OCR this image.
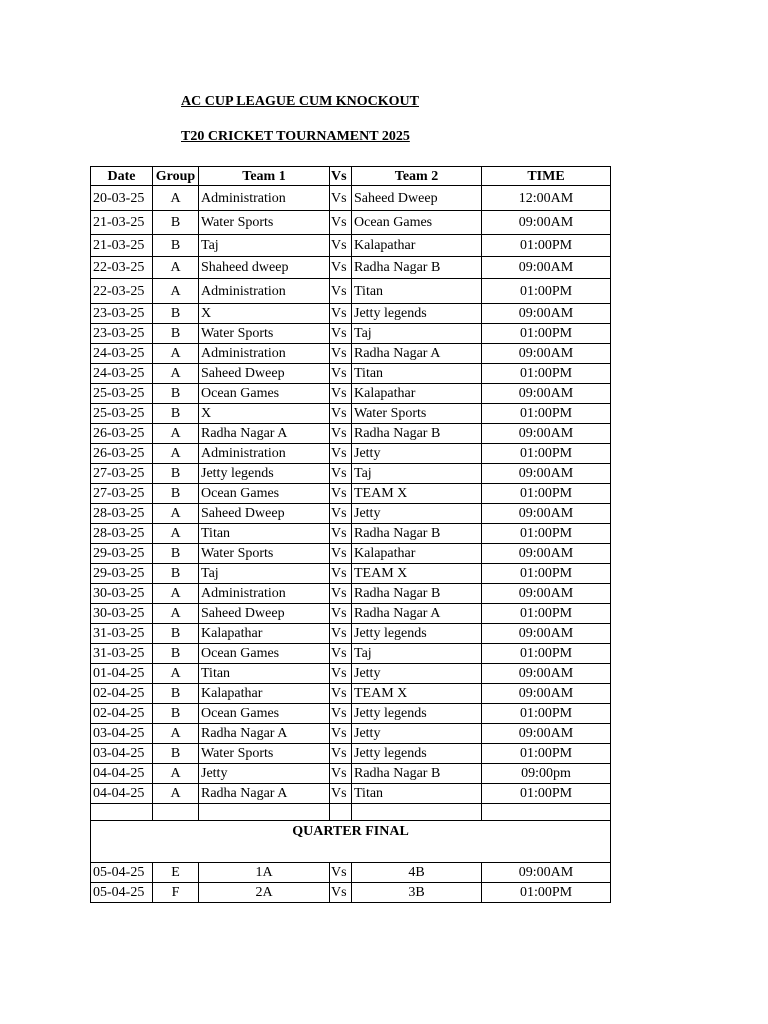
AC CUP LEAGUE CUM KNOCKOUT
T20 CRICKET TOURNAMENT 2025
Date	Group	Team 1	Vs	Team 2	TIME
20-03-25	A	Administration	Vs	Saheed Dweep	12:00AM
21-03-25	B	Water Sports	Vs	Ocean Games	09:00AM
21-03-25	B	Taj	Vs	Kalapathar	01:00PM
22-03-25	A	Shaheed dweep	Vs	Radha Nagar B	09:00AM
22-03-25	A	Administration	Vs	Titan	01:00PM
23-03-25	B	X	Vs	Jetty legends	09:00AM
23-03-25	B	Water Sports	Vs	Taj	01:00PM
24-03-25	A	Administration	Vs	Radha Nagar A	09:00AM
24-03-25	A	Saheed Dweep	Vs	Titan	01:00PM
25-03-25	B	Ocean Games	Vs	Kalapathar	09:00AM
25-03-25	B	X	Vs	Water Sports	01:00PM
26-03-25	A	Radha Nagar A	Vs	Radha Nagar B	09:00AM
26-03-25	A	Administration	Vs	Jetty	01:00PM
27-03-25	B	Jetty legends	Vs	Taj	09:00AM
27-03-25	B	Ocean Games	Vs	TEAM X	01:00PM
28-03-25	A	Saheed Dweep	Vs	Jetty	09:00AM
28-03-25	A	Titan	Vs	Radha Nagar B	01:00PM
29-03-25	B	Water Sports	Vs	Kalapathar	09:00AM
29-03-25	B	Taj	Vs	TEAM X	01:00PM
30-03-25	A	Administration	Vs	Radha Nagar B	09:00AM
30-03-25	A	Saheed Dweep	Vs	Radha Nagar A	01:00PM
31-03-25	B	Kalapathar	Vs	Jetty legends	09:00AM
31-03-25	B	Ocean Games	Vs	Taj	01:00PM
01-04-25	A	Titan	Vs	Jetty	09:00AM
02-04-25	B	Kalapathar	Vs	TEAM X	09:00AM
02-04-25	B	Ocean Games	Vs	Jetty legends	01:00PM
03-04-25	A	Radha Nagar A	Vs	Jetty	09:00AM
03-04-25	B	Water Sports	Vs	Jetty legends	01:00PM
04-04-25	A	Jetty	Vs	Radha Nagar B	09:00pm
04-04-25	A	Radha Nagar A	Vs	Titan	01:00PM

QUARTER FINAL					
05-04-25	E	1A	Vs	4B	09:00AM
05-04-25	F	2A	Vs	3B	01:00PM
